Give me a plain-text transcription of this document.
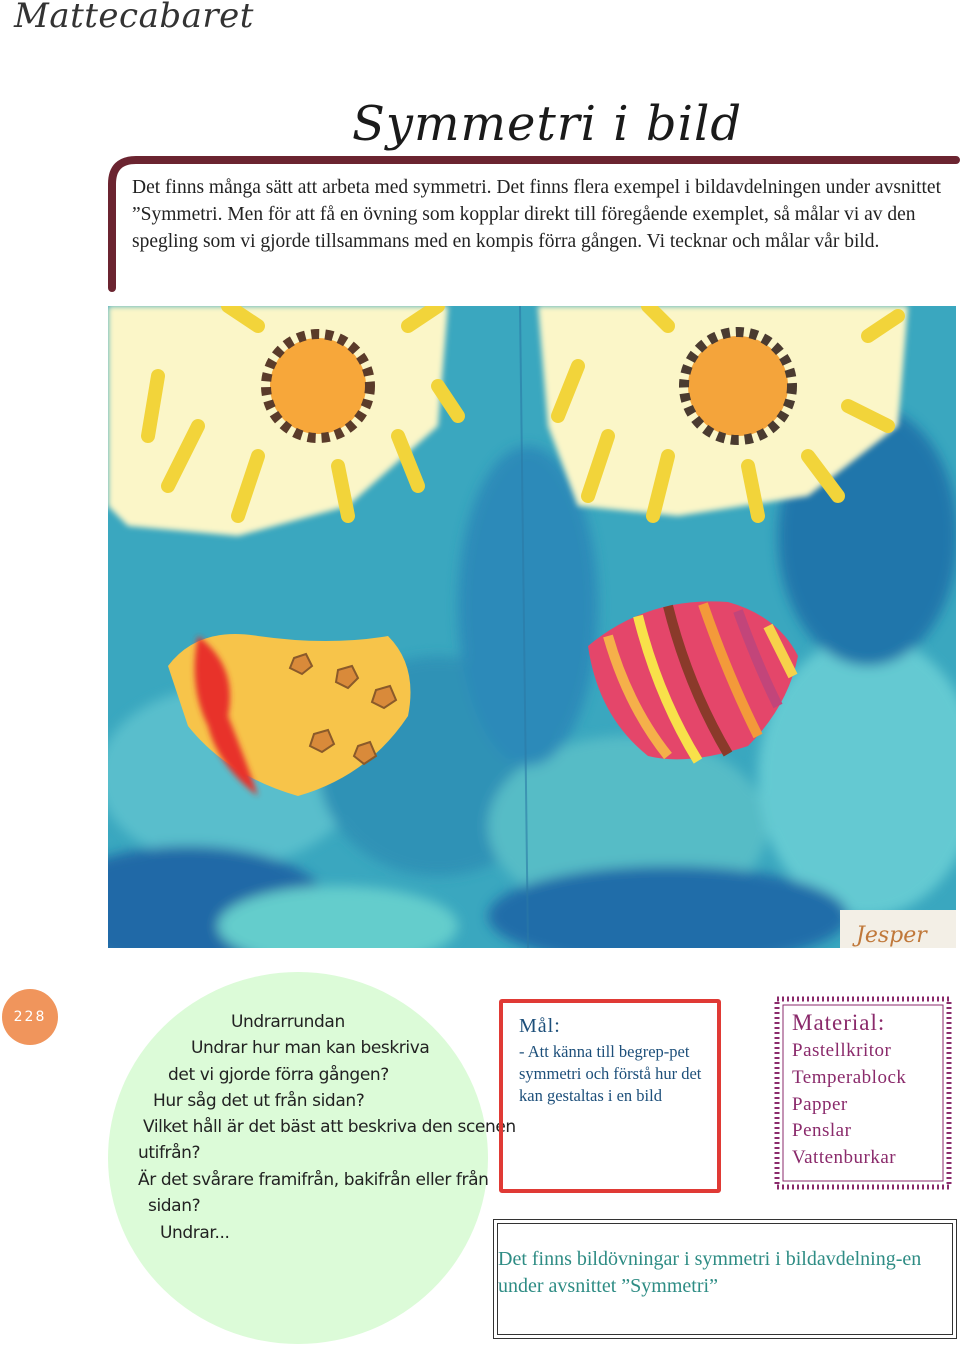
Mattecabaret
Symmetri i bild
Det finns många sätt att arbeta med symmetri. Det finns flera exempel i bildavdelningen under avsnittet ”Symmetri. Men för att få en övning som kopplar direkt till föregående exemplet, så målar vi av den spegling som vi gjorde tillsammans med en kompis förra gången. Vi tecknar och målar vår bild.
Jesper
228	Undrarrundan
Undrar hur man kan beskriva
det vi gjorde förra gången?
Hur såg det ut från sidan?
Vilket håll är det bäst att beskriva den scenen
utifrån?
Är det svårare framifrån, bakifrån eller från
sidan?
Undrar...
Mål:
- Att känna till begrep-pet symmetri och förstå hur det kan gestaltas i en bild
Material:
Pastellkritor
Temperablock
Papper
Penslar
Vattenburkar
Det finns bildövningar i symmetri i bildavdelning-en under avsnittet ”Symmetri”
